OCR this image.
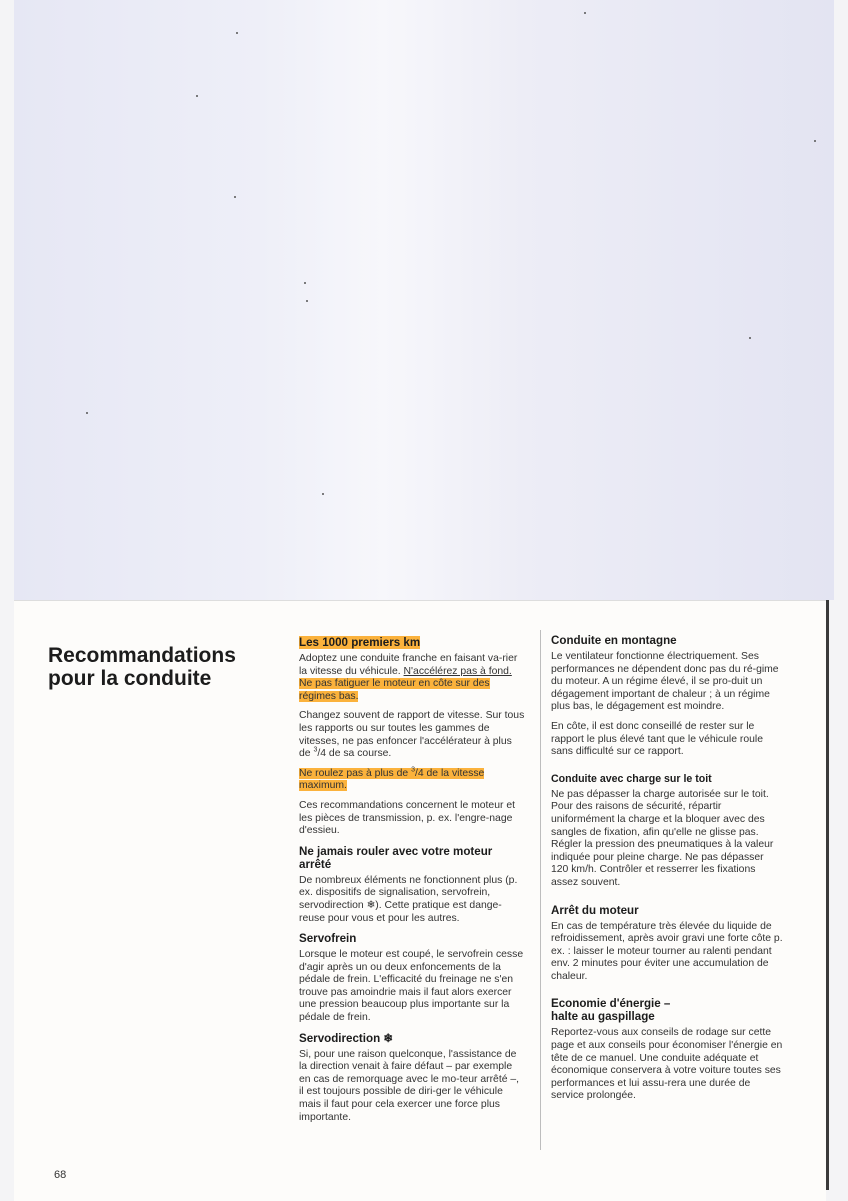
Recommandations
pour la conduite
Les 1000 premiers km

Adoptez une conduite franche en faisant va-rier la vitesse du véhicule. N'accélérez pas à fond. Ne pas fatiguer le moteur en côte sur des régimes bas.

Changez souvent de rapport de vitesse. Sur tous les rapports ou sur toutes les gammes de vitesses, ne pas enfoncer l'accélérateur à plus de $^3$/4 de sa course.

Ne roulez pas à plus de $^3$/4 de la vitesse maximum.

Ces recommandations concernent le moteur et les pièces de transmission, p. ex. l'engre-nage d'essieu.

Ne jamais rouler avec votre moteur arrêté

De nombreux éléments ne fonctionnent plus (p. ex. dispositifs de signalisation, servofrein, servodirection ❄). Cette pratique est dange-reuse pour vous et pour les autres.

Servofrein

Lorsque le moteur est coupé, le servofrein cesse d'agir après un ou deux enfoncements de la pédale de frein. L'efficacité du freinage ne s'en trouve pas amoindrie mais il faut alors exercer une pression beaucoup plus importante sur la pédale de frein.

Servodirection ❄

Si, pour une raison quelconque, l'assistance de la direction venait à faire défaut – par exemple en cas de remorquage avec le mo-teur arrêté –, il est toujours possible de diri-ger le véhicule mais il faut pour cela exercer une force plus importante.

Conduite en montagne

Le ventilateur fonctionne électriquement. Ses performances ne dépendent donc pas du ré-gime du moteur. A un régime élevé, il se pro-duit un dégagement important de chaleur ; à un régime plus bas, le dégagement est moindre.

En côte, il est donc conseillé de rester sur le rapport le plus élevé tant que le véhicule roule sans difficulté sur ce rapport.

Conduite avec charge sur le toit

Ne pas dépasser la charge autorisée sur le toit. Pour des raisons de sécurité, répartir uniformément la charge et la bloquer avec des sangles de fixation, afin qu'elle ne glisse pas. Régler la pression des pneumatiques à la valeur indiquée pour pleine charge. Ne pas dépasser 120 km/h. Contrôler et resserrer les fixations assez souvent.

Arrêt du moteur

En cas de température très élevée du liquide de refroidissement, après avoir gravi une forte côte p. ex. : laisser le moteur tourner au ralenti pendant env. 2 minutes pour éviter une accumulation de chaleur.

Economie d'énergie –
halte au gaspillage

Reportez-vous aux conseils de rodage sur cette page et aux conseils pour économiser l'énergie en tête de ce manuel. Une conduite adéquate et économique conservera à votre voiture toutes ses performances et lui assu-rera une durée de service prolongée.

68
